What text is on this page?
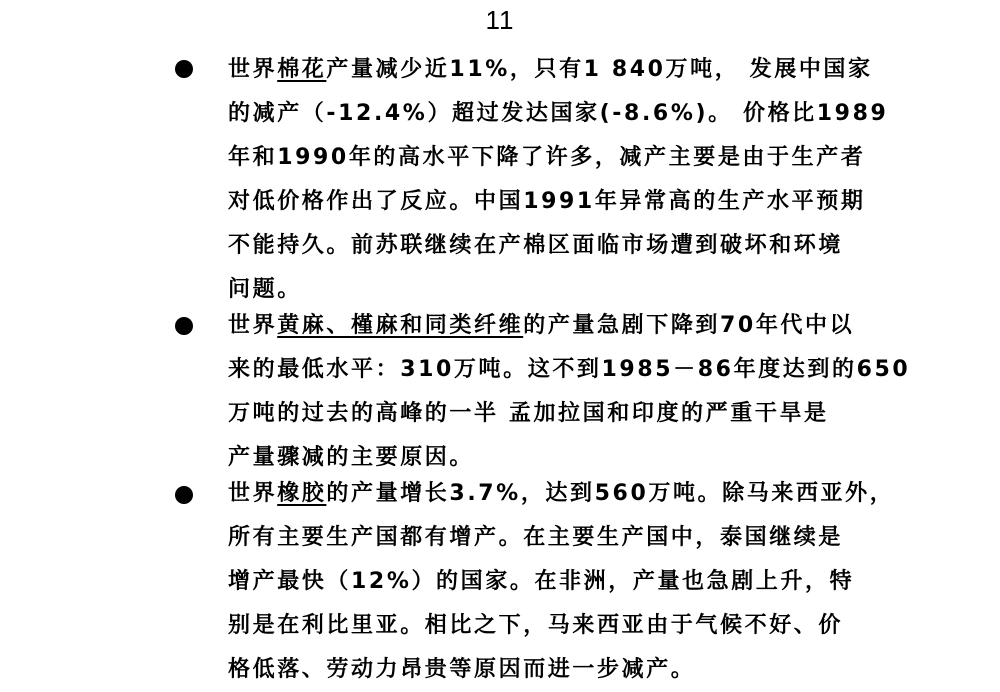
11
世界棉花产量减少近11%，只有1 840万吨， 发展中国家
的减产（-12.4%）超过发达国家(-8.6%)。 价格比1989
年和1990年的高水平下降了许多，减产主要是由于生产者
对低价格作出了反应。中国1991年异常高的生产水平预期
不能持久。前苏联继续在产棉区面临市场遭到破坏和环境
问题。
世界黄麻、槿麻和同类纤维的产量急剧下降到70年代中以
来的最低水平：310万吨。这不到1985－86年度达到的650
万吨的过去的高峰的一半 孟加拉国和印度的严重干旱是
产量骤减的主要原因。
世界橡胶的产量增长3.7%，达到560万吨。除马来西亚外，
所有主要生产国都有增产。在主要生产国中，泰国继续是
增产最快（12%）的国家。在非洲，产量也急剧上升，特
别是在利比里亚。相比之下，马来西亚由于气候不好、价
格低落、劳动力昂贵等原因而进一步减产。
